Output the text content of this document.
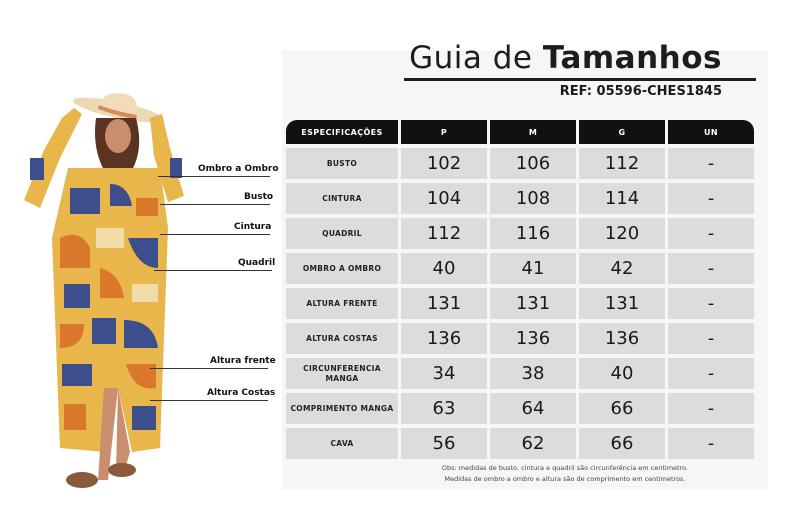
Ombro a Ombro
Busto
Cintura
Quadril
Altura frente
Altura Costas
Guia de Tamanhos
REF: 05596-CHES1845
ESPECIFICAÇÕES	P	M	G	UN
BUSTO	102	106	112	-
CINTURA	104	108	114	-
QUADRIL	112	116	120	-
OMBRO A OMBRO	40	41	42	-
ALTURA FRENTE	131	131	131	-
ALTURA COSTAS	136	136	136	-
CIRCUNFERENCIA MANGA	34	38	40	-
COMPRIMENTO MANGA	63	64	66	-
CAVA	56	62	66	-
Obs: medidas de busto, cintura e quadril são circunferência em centimetro.
Medidas de ombro a ombro e altura são de comprimento em centimetros.
